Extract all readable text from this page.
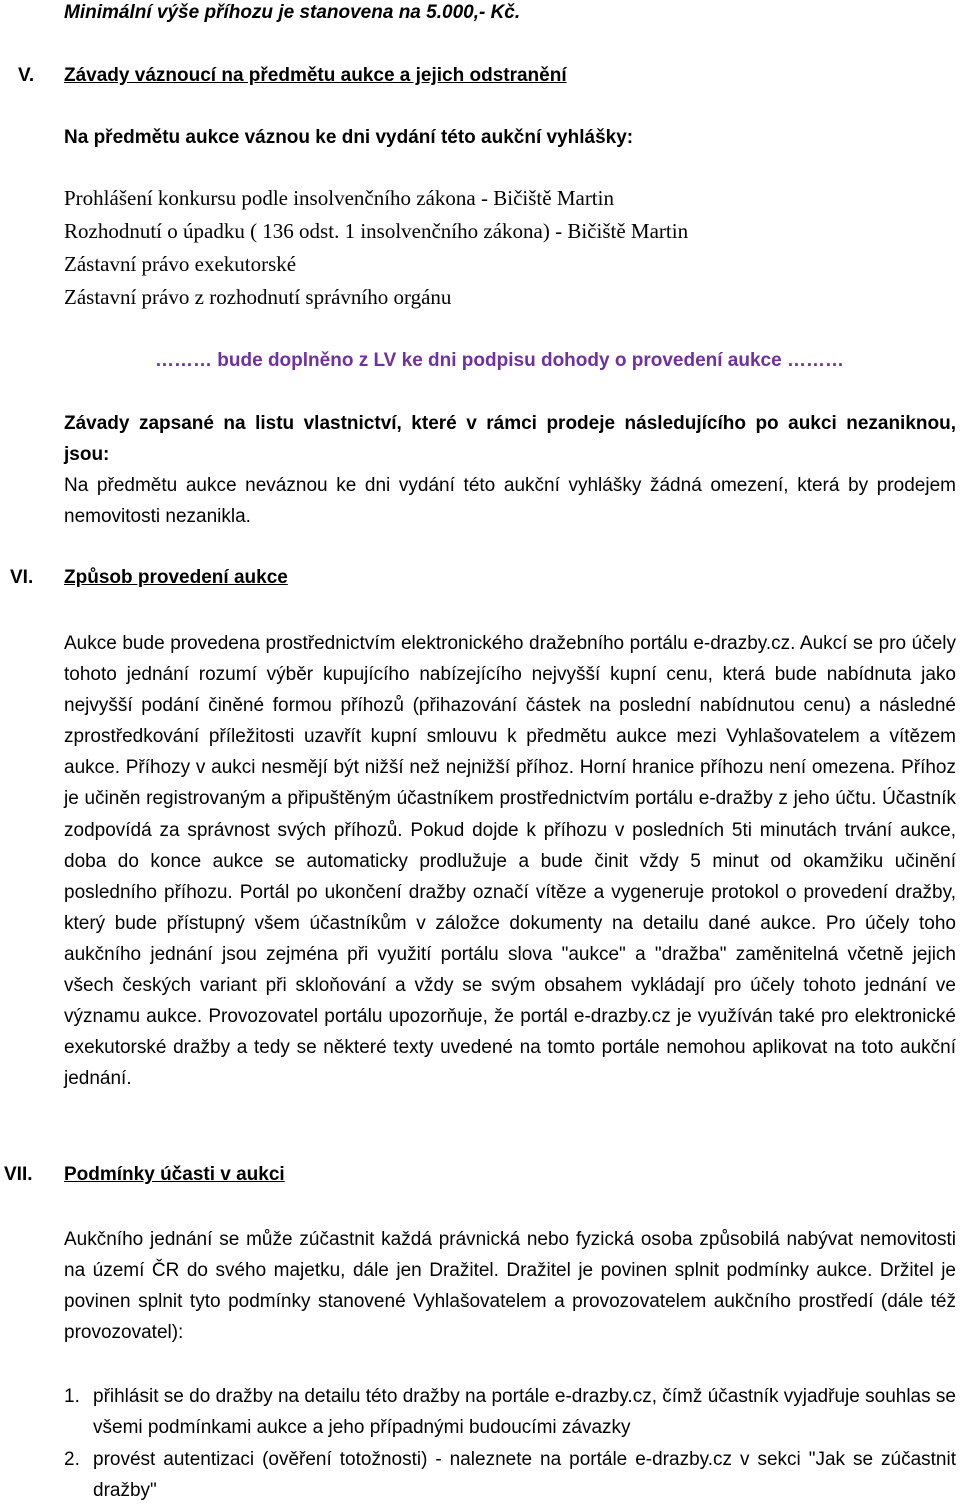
Minimální výše příhozu je stanovena na 5.000,- Kč.

V. Závady váznoucí na předmětu aukce a jejich odstranění

Na předmětu aukce váznou ke dni vydání této aukční vyhlášky:

Prohlášení konkursu podle insolvenčního zákona - Bičiště Martin

Rozhodnutí o úpadku ( 136 odst. 1 insolvenčního zákona) - Bičiště Martin

Zástavní právo exekutorské

Zástavní právo z rozhodnutí správního orgánu

……… bude doplněno z LV ke dni podpisu dohody o provedení aukce ………

Závady zapsané na listu vlastnictví, které v rámci prodeje následujícího po aukci nezaniknou, jsou:

Na předmětu aukce neváznou ke dni vydání této aukční vyhlášky žádná omezení, která by prodejem nemovitosti nezanikla.

VI. Způsob provedení aukce

Aukce bude provedena prostřednictvím elektronického dražebního portálu e-drazby.cz. Aukcí se pro účely tohoto jednání rozumí výběr kupujícího nabízejícího nejvyšší kupní cenu, která bude nabídnuta jako nejvyšší podání činěné formou příhozů (přihazování částek na poslední nabídnutou cenu) a následné zprostředkování příležitosti uzavřít kupní smlouvu k předmětu aukce mezi Vyhlašovatelem a vítězem aukce. Příhozy v aukci nesmějí být nižší než nejnižší příhoz. Horní hranice příhozu není omezena. Příhoz je učiněn registrovaným a připuštěným účastníkem prostřednictvím portálu e-dražby z jeho účtu. Účastník zodpovídá za správnost svých příhozů. Pokud dojde k příhozu v posledních 5ti minutách trvání aukce, doba do konce aukce se automaticky prodlužuje a bude činit vždy 5 minut od okamžiku učinění posledního příhozu. Portál po ukončení dražby označí vítěze a vygeneruje protokol o provedení dražby, který bude přístupný všem účastníkům v záložce dokumenty na detailu dané aukce. Pro účely toho aukčního jednání jsou zejména při využití portálu slova "aukce" a "dražba" zaměnitelná včetně jejich všech českých variant při skloňování a vždy se svým obsahem vykládají pro účely tohoto jednání ve významu aukce. Provozovatel portálu upozorňuje, že portál e-drazby.cz je využíván také pro elektronické exekutorské dražby a tedy se některé texty uvedené na tomto portále nemohou aplikovat na toto aukční jednání.

VII. Podmínky účasti v aukci

Aukčního jednání se může zúčastnit každá právnická nebo fyzická osoba způsobilá nabývat nemovitosti na území ČR do svého majetku, dále jen Dražitel. Dražitel je povinen splnit podmínky aukce. Držitel je povinen splnit tyto podmínky stanovené Vyhlašovatelem a provozovatelem aukčního prostředí (dále též provozovatel):

1. přihlásit se do dražby na detailu této dražby na portále e-drazby.cz, čímž účastník vyjadřuje souhlas se všemi podmínkami aukce a jeho případnými budoucími závazky
2. provést autentizaci (ověření totožnosti) - naleznete na portále e-drazby.cz v sekci "Jak se zúčastnit dražby"
